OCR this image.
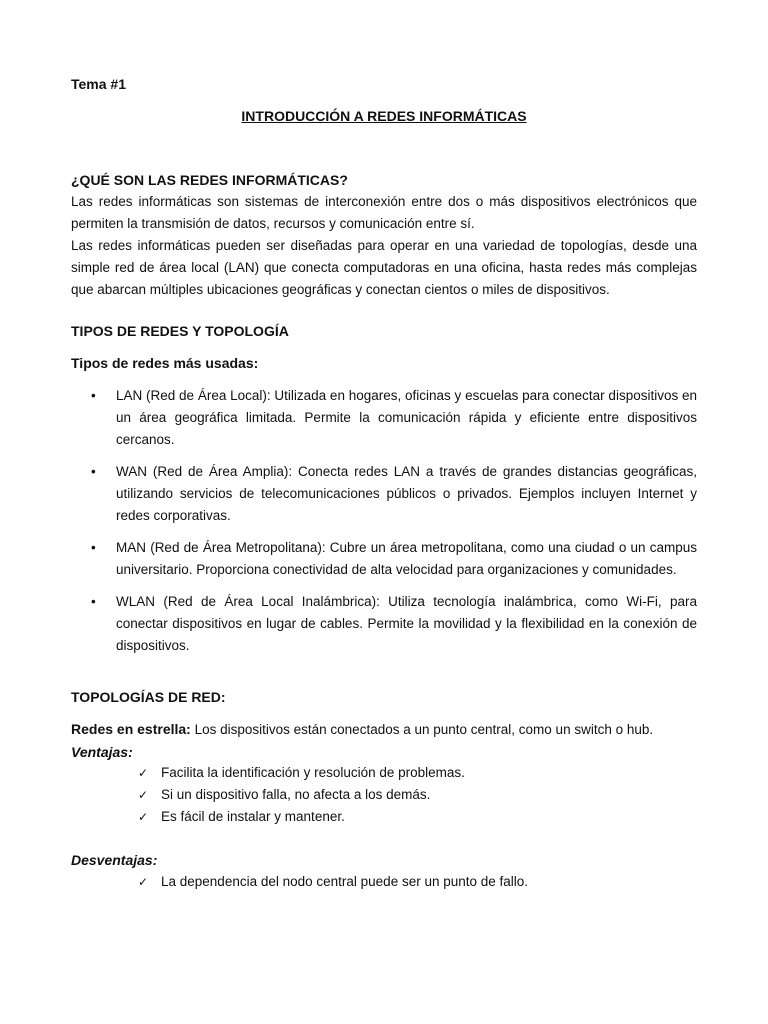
Tema #1
INTRODUCCIÓN A REDES INFORMÁTICAS
¿QUÉ SON LAS REDES INFORMÁTICAS?

Las redes informáticas son sistemas de interconexión entre dos o más dispositivos electrónicos que permiten la transmisión de datos, recursos y comunicación entre sí.

Las redes informáticas pueden ser diseñadas para operar en una variedad de topologías, desde una simple red de área local (LAN) que conecta computadoras en una oficina, hasta redes más complejas que abarcan múltiples ubicaciones geográficas y conectan cientos o miles de dispositivos.

TIPOS DE REDES Y TOPOLOGÍA
Tipos de redes más usadas:
• LAN (Red de Área Local): Utilizada en hogares, oficinas y escuelas para conectar dispositivos en un área geográfica limitada. Permite la comunicación rápida y eficiente entre dispositivos cercanos.
• WAN (Red de Área Amplia): Conecta redes LAN a través de grandes distancias geográficas, utilizando servicios de telecomunicaciones públicos o privados. Ejemplos incluyen Internet y redes corporativas.
• MAN (Red de Área Metropolitana): Cubre un área metropolitana, como una ciudad o un campus universitario. Proporciona conectividad de alta velocidad para organizaciones y comunidades.
• WLAN (Red de Área Local Inalámbrica): Utiliza tecnología inalámbrica, como Wi-Fi, para conectar dispositivos en lugar de cables. Permite la movilidad y la flexibilidad en la conexión de dispositivos.
TOPOLOGÍAS DE RED:
Redes en estrella: Los dispositivos están conectados a un punto central, como un switch o hub.
Ventajas:
✓ Facilita la identificación y resolución de problemas.
✓ Si un dispositivo falla, no afecta a los demás.
✓ Es fácil de instalar y mantener.
Desventajas:
✓ La dependencia del nodo central puede ser un punto de fallo.
